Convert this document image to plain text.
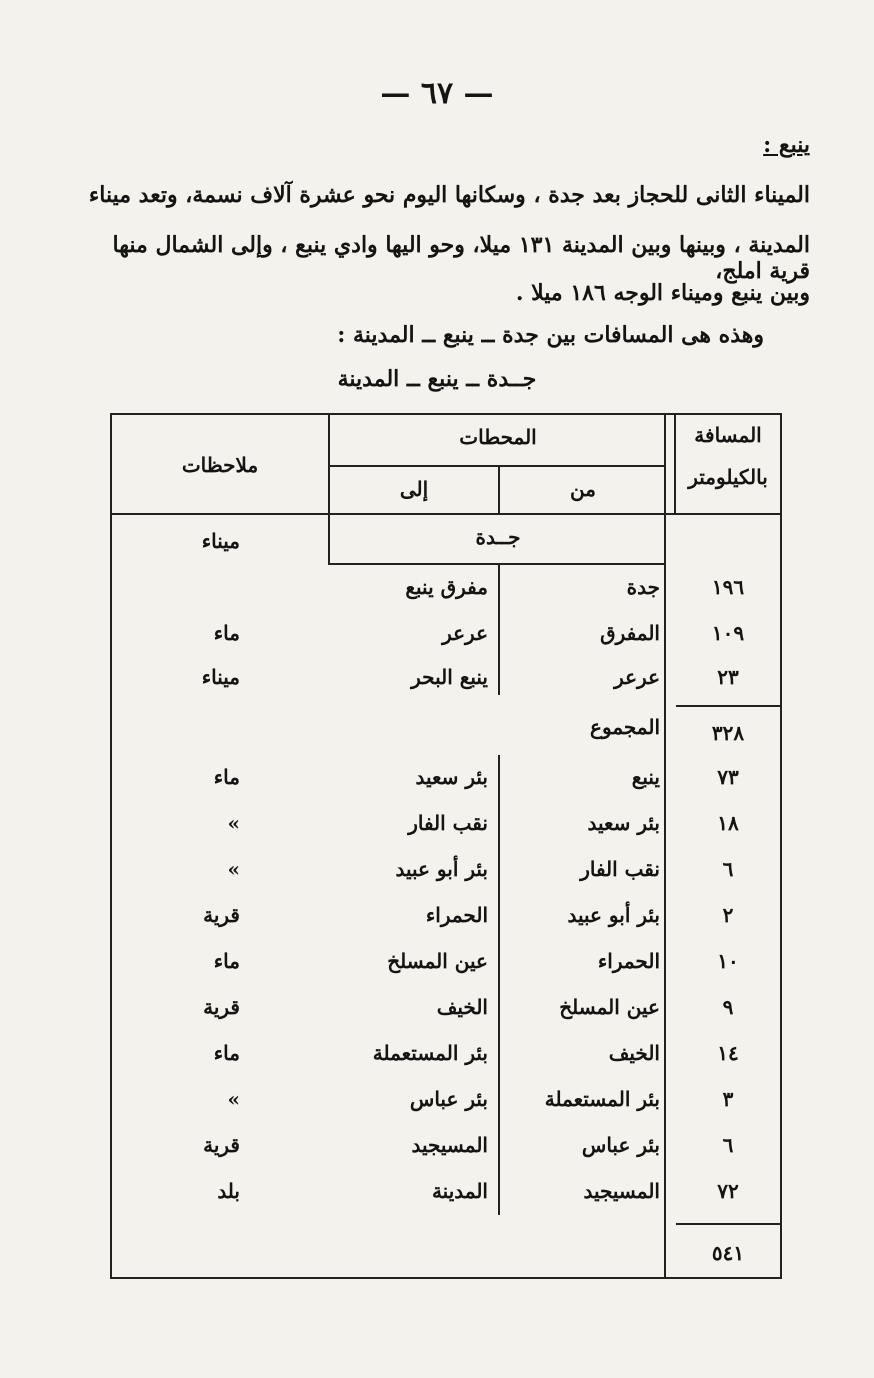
— ٦٧ —
ينبع :
الميناء الثانى للحجاز بعد جدة ، وسكانها اليوم نحو عشرة آلاف نسمة، وتعد ميناء
المدينة ، وبينها وبين المدينة ١٣١ ميلا، وحو اليها وادي ينبع ، وإلى الشمال منها قرية املج،
وبين ينبع وميناء الوجه ١٨٦ ميلا .
وهذه هى المسافات بين جدة ــ ينبع ــ المدينة :
جــدة ــ ينبع ــ المدينة
المسافة
بالكيلومتر
المحطات
من
إلى
ملاحظات
جــدة
ميناء
١٩٦
جدة
مفرق ينبع
١٠٩
المفرق
عرعر
ماء
٢٣
عرعر
ينبع البحر
ميناء
٣٢٨
المجموع
٧٣
ينبع
بئر سعيد
ماء
١٨
بئر سعيد
نقب الفار
»
٦
نقب الفار
بئر أبو عبيد
»
٢
بئر أبو عبيد
الحمراء
قرية
١٠
الحمراء
عين المسلخ
ماء
٩
عين المسلخ
الخيف
قرية
١٤
الخيف
بئر المستعملة
ماء
٣
بئر المستعملة
بئر عباس
»
٦
بئر عباس
المسيجيد
قرية
٧٢
المسيجيد
المدينة
بلد
٥٤١
